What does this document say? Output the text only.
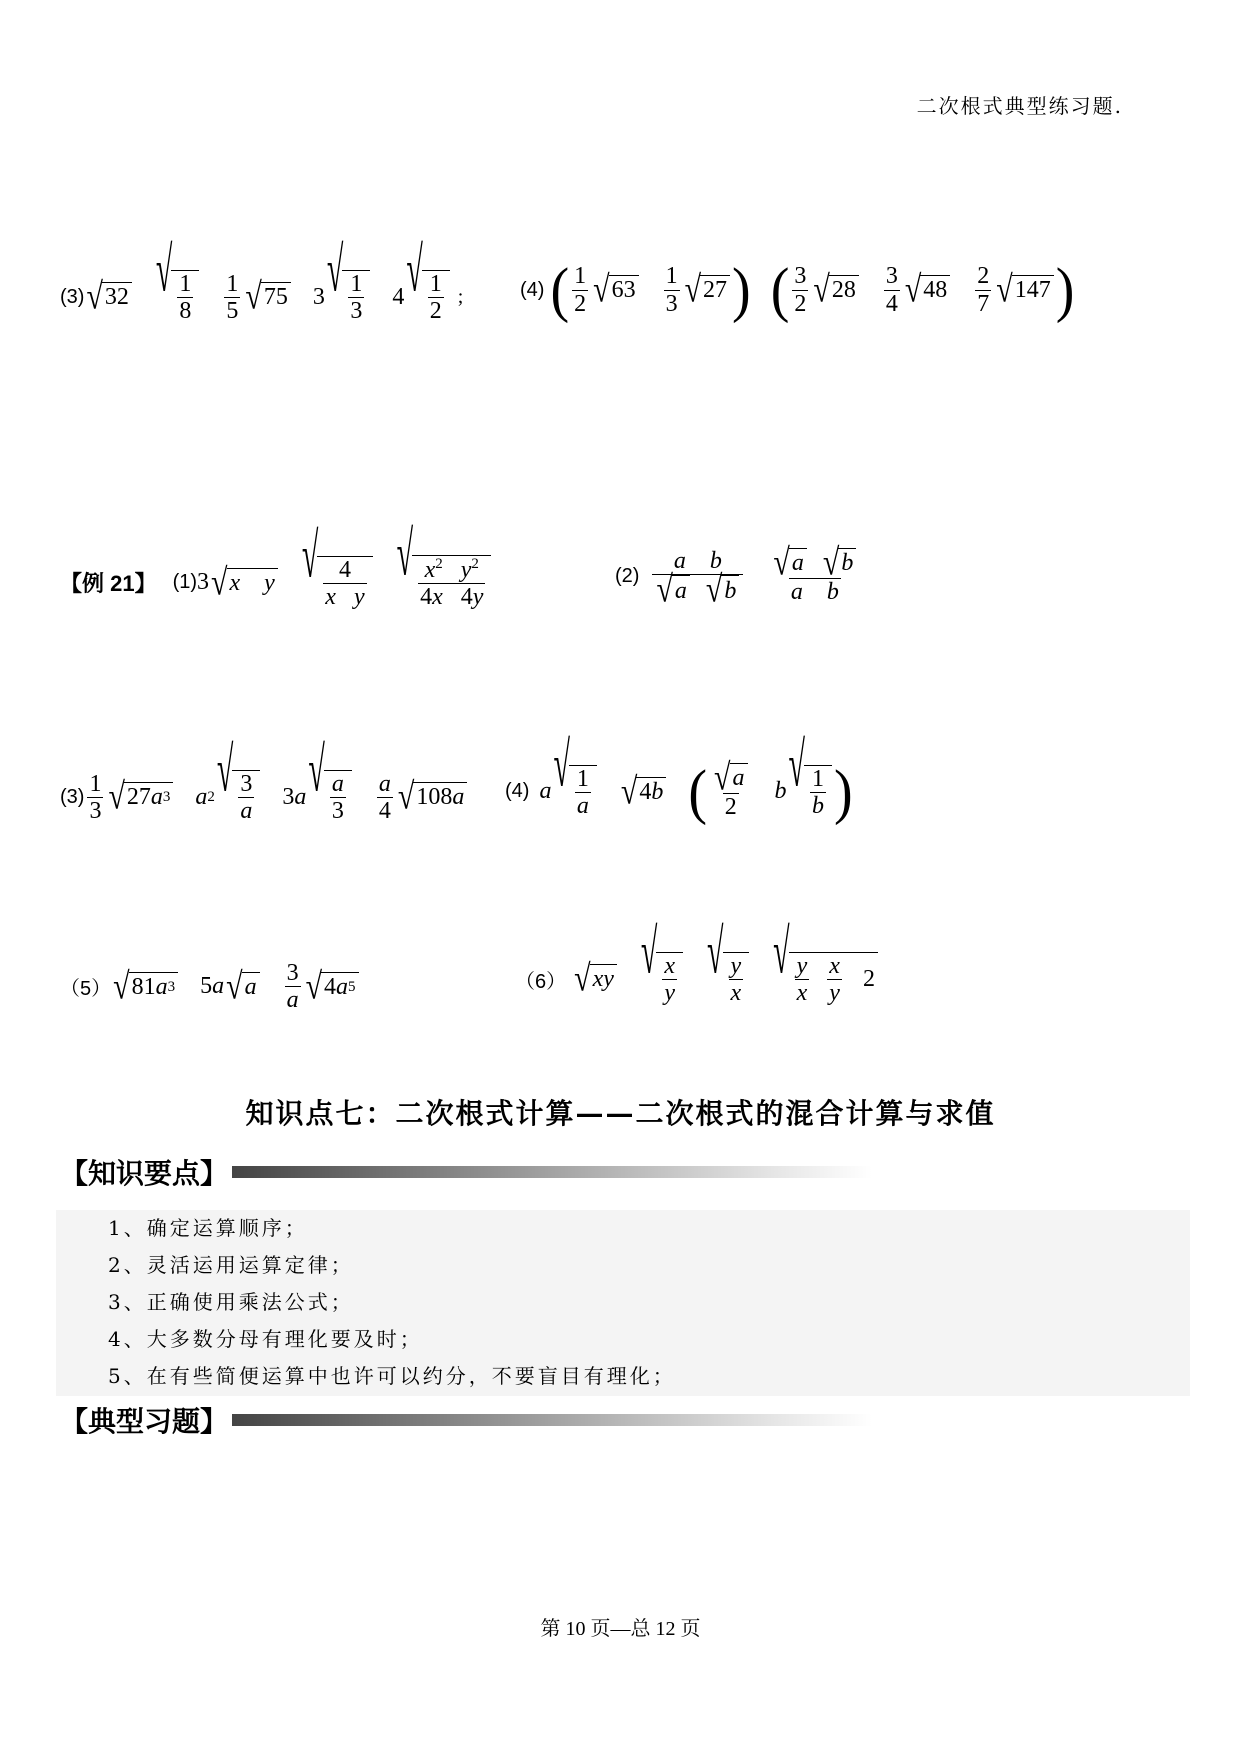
二次根式典型练习题.
(3) √ 32 √ $\frac{1}{8} \frac{1}{5}$ √ 75 3 √ $\frac{1}{3} 4$ √ $\frac{1}{2}$ ;	(4) ( $\frac{1}{2}$ √ $63 \frac{1}{3}$ √ 27 ) ( $\frac{3}{2}$ √ $28 \frac{3}{4}$ √ $48 \frac{2}{7}$ √ 147 )
【例 21】 (1) 3 √ x
y √ $\frac{4}{\text{x y}}$ √ $\frac{x^2 y^2}{4x 4y}$	(2) a b
√ a
√ b √ a
√ b
a b
$(3) \frac{1}{3}$ √ 27 a 3 a 2 √ $\frac{3}{a} 3$ a √ $\frac{a}{3} \frac{a}{4}$ √ 108 a (4) a √ $\frac{1}{a}$ √ 4 b ( $\frac{√ a}{2}$ b √ $\frac{1}{b}$ )
（5） √ 81 a 3 5 a √ a $\frac{3}{a}$ √ 4 a 5	（6） √ xy √ $\frac{x}{y}$ √ $\frac{y}{x}$ √ $\frac{y}{x}$
$\frac{x}{y} 2$
知识点七：二次根式计算——二次根式的混合计算与求值
【知识要点】
1、确定运算顺序；
2、灵活运用运算定律；
3、正确使用乘法公式；
4、大多数分母有理化要及时；
5、在有些简便运算中也许可以约分，不要盲目有理化；
【典型习题】
第 10 页—总 12 页
